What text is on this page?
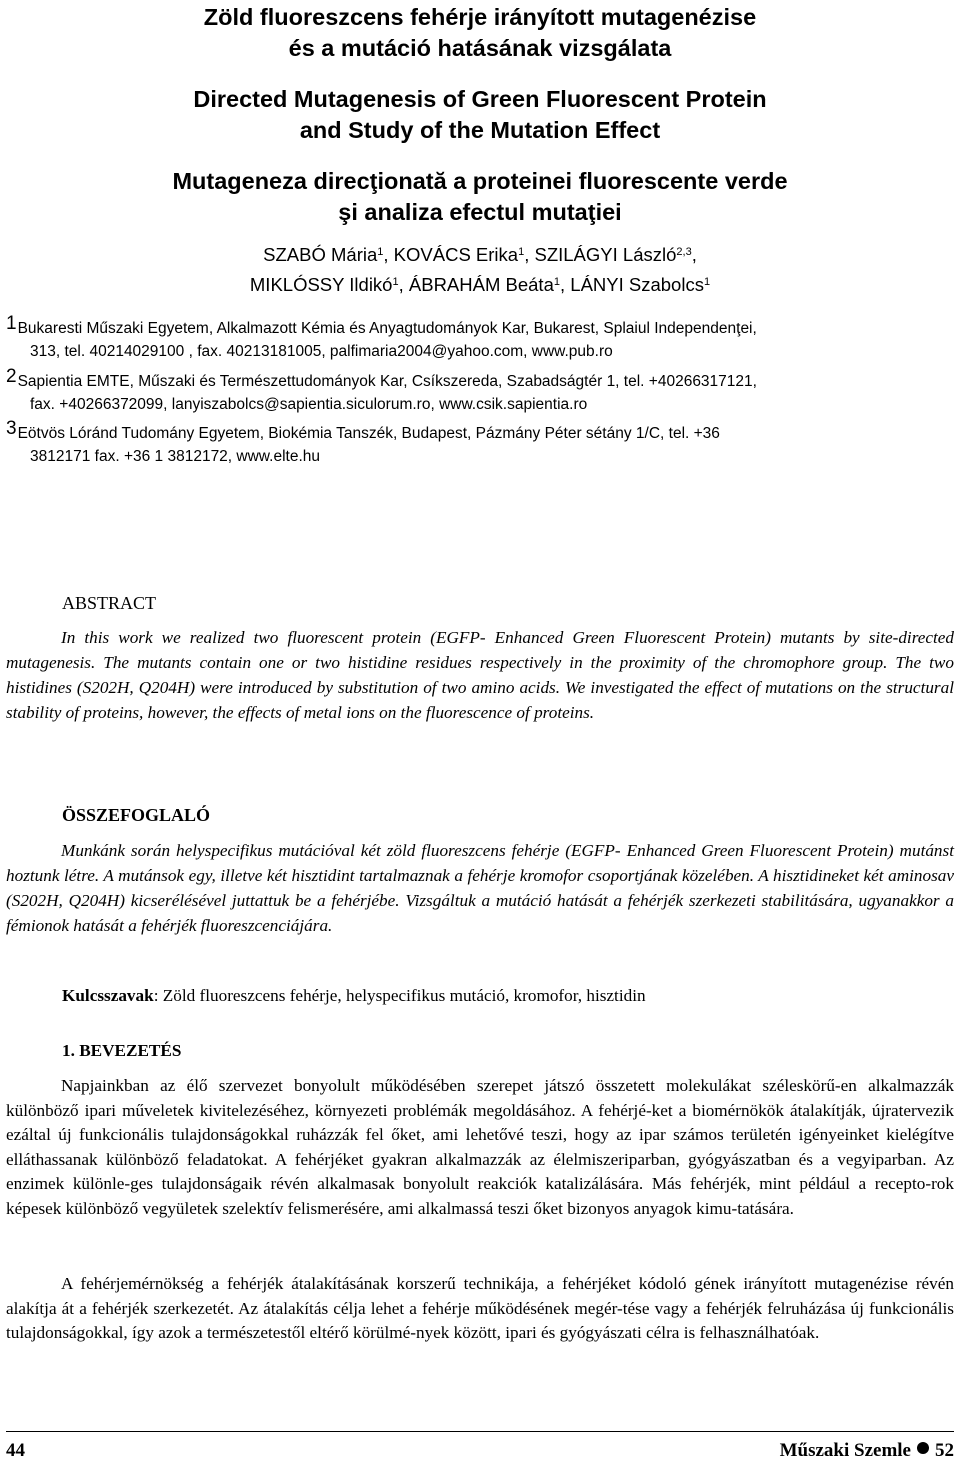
Zöld fluoreszcens fehérje irányított mutagenézise
és a mutáció hatásának vizsgálata
Directed Mutagenesis of Green Fluorescent Protein
and Study of the Mutation Effect
Mutageneza direcţionată a proteinei fluorescente verde
şi analiza efectul mutaţiei
SZABÓ Mária$^1$, KOVÁCS Erika$^1$, SZILÁGYI László$^{2,3}$,
MIKLÓSSY Ildikó$^1$, ÁBRAHÁM Beáta$^1$, LÁNYI Szabolcs$^1$
1Bukaresti Műszaki Egyetem, Alkalmazott Kémia és Anyagtudományok Kar, Bukarest, Splaiul Independenţei,
313, tel. 40214029100 , fax. 40213181005, palfimaria2004@yahoo.com, www.pub.ro
2Sapientia EMTE, Műszaki és Természettudományok Kar, Csíkszereda, Szabadságtér 1, tel. +40266317121,
fax. +40266372099, lanyiszabolcs@sapientia.siculorum.ro, www.csik.sapientia.ro
3Eötvös Lóránd Tudomány Egyetem, Biokémia Tanszék, Budapest, Pázmány Péter sétány 1/C, tel. +36
3812171 fax. +36 1 3812172, www.elte.hu
ABSTRACT
In this work we realized two fluorescent protein (EGFP- Enhanced Green Fluorescent Protein) mutants by site-directed mutagenesis. The mutants contain one or two histidine residues respectively in the proximity of the chromophore group. The two histidines (S202H, Q204H) were introduced by substitution of two amino acids. We investigated the effect of mutations on the structural stability of proteins, however, the effects of metal ions on the fluorescence of proteins.
ÖSSZEFOGLALÓ
Munkánk során helyspecifikus mutációval két zöld fluoreszcens fehérje (EGFP- Enhanced Green Fluorescent Protein) mutánst hoztunk létre. A mutánsok egy, illetve két hisztidint tartalmaznak a fehérje kromofor csoportjának közelében. A hisztidineket két aminosav (S202H, Q204H) kicserélésével juttattuk be a fehérjébe. Vizsgáltuk a mutáció hatását a fehérjék szerkezeti stabilitására, ugyanakkor a fémionok hatását a fehérjék fluoreszcenciájára.
Kulcsszavak: Zöld fluoreszcens fehérje, helyspecifikus mutáció, kromofor, hisztidin
1. BEVEZETÉS
Napjainkban az élő szervezet bonyolult működésében szerepet játszó összetett molekulákat széleskörű-en alkalmazzák különböző ipari műveletek kivitelezéséhez, környezeti problémák megoldásához. A fehérjé-ket a biomérnökök átalakítják, újratervezik ezáltal új funkcionális tulajdonságokkal ruházzák fel őket, ami lehetővé teszi, hogy az ipar számos területén igényeinket kielégítve elláthassanak különböző feladatokat. A fehérjéket gyakran alkalmazzák az élelmiszeriparban, gyógyászatban és a vegyiparban. Az enzimek különle-ges tulajdonságaik révén alkalmasak bonyolult reakciók katalizálására. Más fehérjék, mint például a recepto-rok képesek különböző vegyületek szelektív felismerésére, ami alkalmassá teszi őket bizonyos anyagok kimu-tatására.
A fehérjemérnökség a fehérjék átalakításának korszerű technikája, a fehérjéket kódoló gének irányított mutagenézise révén alakítja át a fehérjék szerkezetét. Az átalakítás célja lehet a fehérje működésének megér-tése vagy a fehérjék felruházása új funkcionális tulajdonságokkal, így azok a természetestől eltérő körülmé-nyek között, ipari és gyógyászati célra is felhasználhatóak.
44	Műszaki Szemle 52
